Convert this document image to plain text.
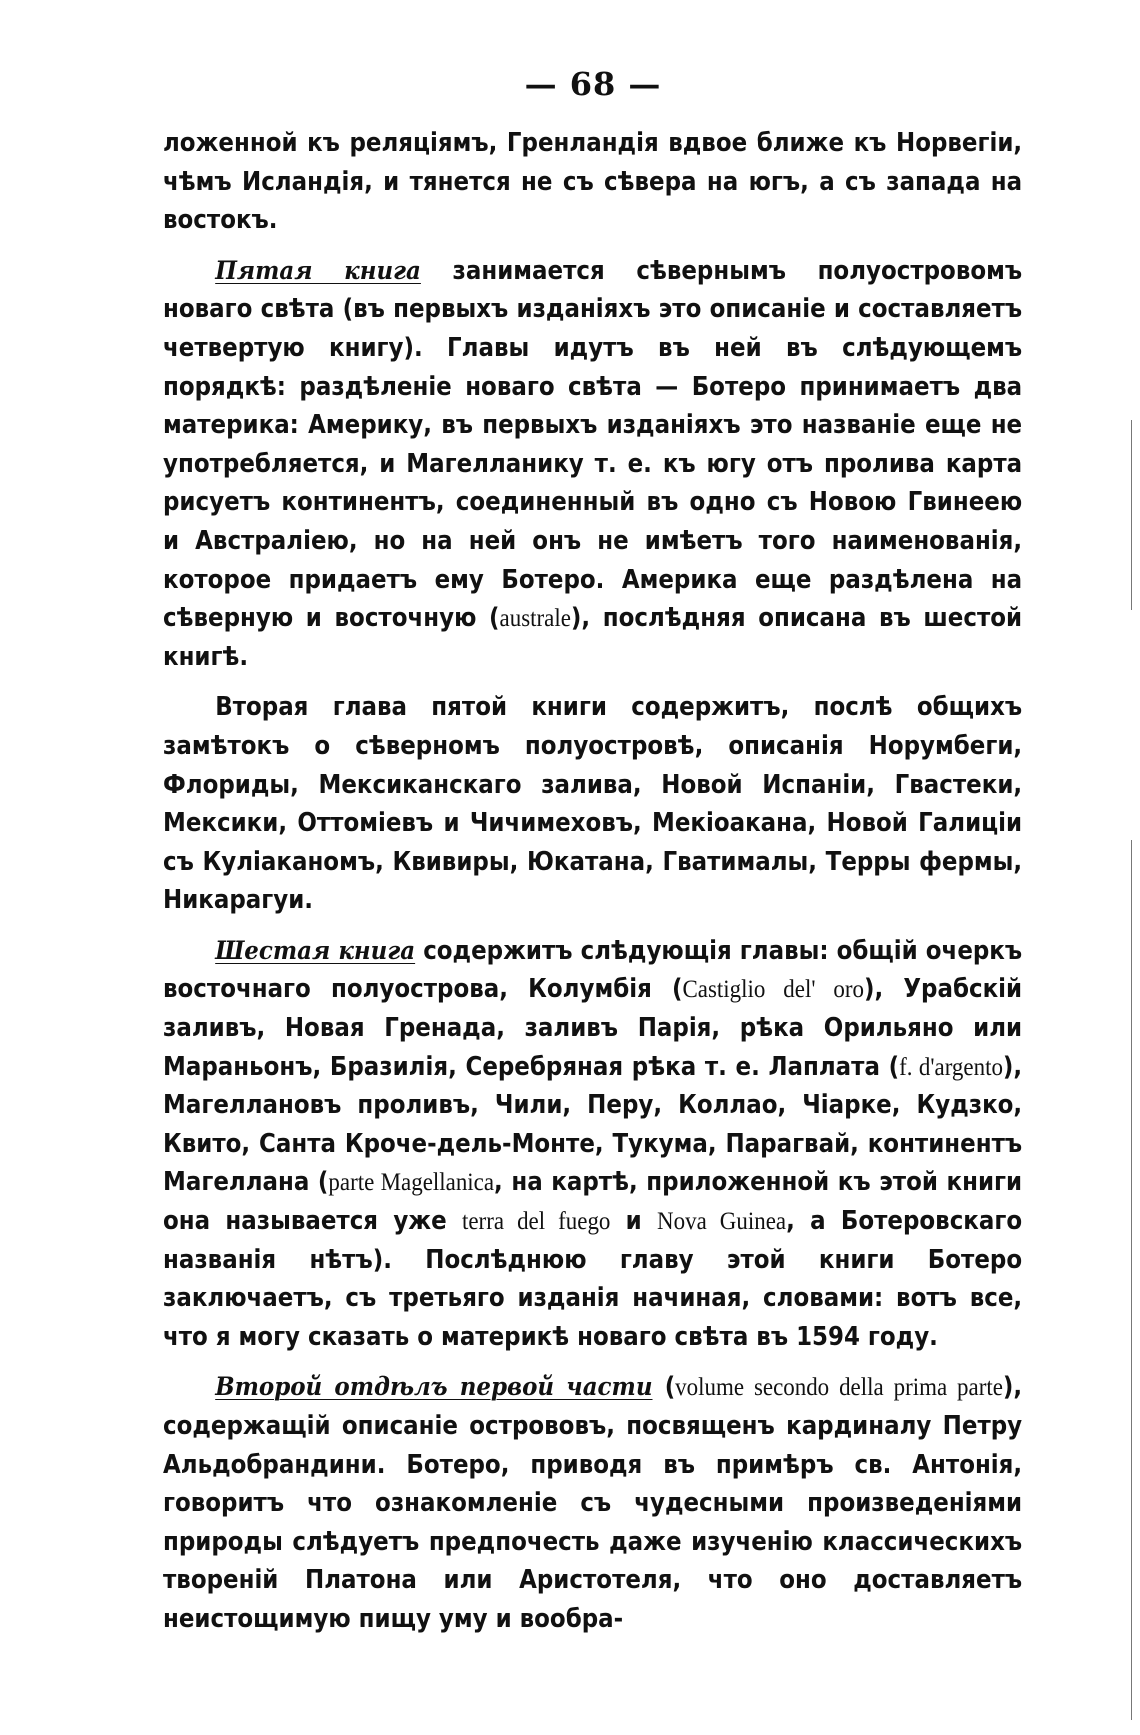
— 68 —

ложенной къ реляціямъ, Гренландія вдвое ближе къ Норвегіи, чѣмъ Исландія, и тянется не съ сѣвера на югъ, а съ запада на востокъ.

Пятая книга занимается сѣвернымъ полуостровомъ новаго свѣта (въ первыхъ изданіяхъ это описаніе и составляетъ четвертую книгу). Главы идутъ въ ней въ слѣдующемъ порядкѣ: раздѣленіе новаго свѣта — Ботеро принимаетъ два материка: Америку, въ первыхъ изданіяхъ это названіе еще не употребляется, и Магелланику т. е. къ югу отъ пролива карта рисуетъ континентъ, соединенный въ одно съ Новою Гвинеею и Австраліею, но на ней онъ не имѣетъ того наименованія, которое придаетъ ему Ботеро. Америка еще раздѣлена на сѣверную и восточную (australe), послѣдняя описана въ шестой книгѣ.

Вторая глава пятой книги содержитъ, послѣ общихъ замѣтокъ о сѣверномъ полуостровѣ, описанія Норумбеги, Флориды, Мексиканскаго залива, Новой Испаніи, Гвастеки, Мексики, Оттоміевъ и Чичимеховъ, Мекіоакана, Новой Галиціи съ Куліаканомъ, Квивиры, Юкатана, Гватималы, Терры фермы, Никарагуи.

Шестая книга содержитъ слѣдующія главы: общій очеркъ восточнаго полуострова, Колумбія (Castiglio del' oro), Урабскій заливъ, Новая Гренада, заливъ Парія, рѣка Орильяно или Мараньонъ, Бразилія, Серебряная рѣка т. е. Лаплата (f. d'argento), Магеллановъ проливъ, Чили, Перу, Коллао, Чіарке, Кудзко, Квито, Санта Кроче-дель-Монте, Тукума, Парагвай, континентъ Магеллана (parte Magellanica, на картѣ, приложенной къ этой книги она называется уже terra del fuego и Nova Guinea, а Ботеровскаго названія нѣтъ). Послѣднюю главу этой книги Ботеро заключаетъ, съ третьяго изданія начиная, словами: вотъ все, что я могу сказать о материкѣ новаго свѣта въ 1594 году.

Второй отдѣлъ первой части (volume secondo della prima parte), содержащій описаніе острововъ, посвященъ кардиналу Петру Альдобрандини. Ботеро, приводя въ примѣръ св. Антонія, говоритъ что ознакомленіе съ чудесными произведеніями природы слѣдуетъ предпочесть даже изученію классическихъ твореній Платона или Аристотеля, что оно доставляетъ неистощимую пищу уму и вообра-
